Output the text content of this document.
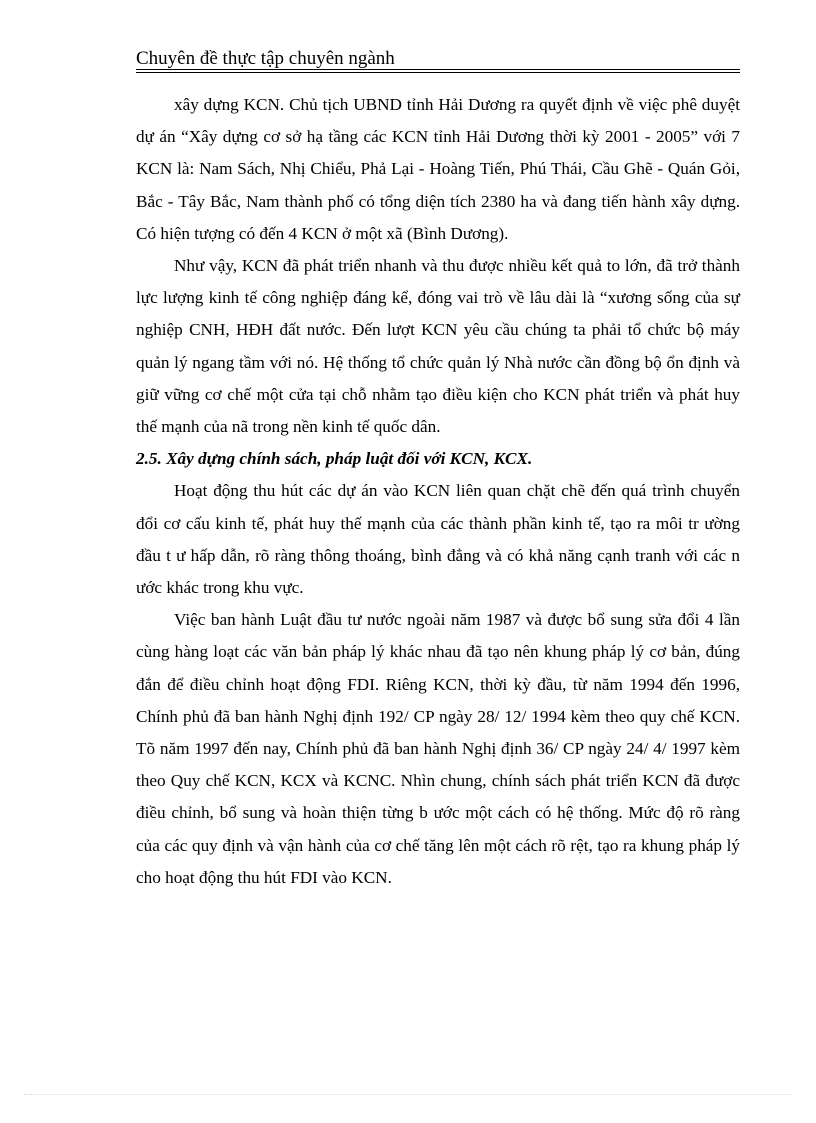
Chuyên đề thực tập chuyên ngành

xây dựng KCN. Chủ tịch UBND tỉnh Hải Dương ra quyết định về việc phê duyệt dự án “Xây dựng cơ sở hạ tầng các KCN tỉnh Hải Dương thời kỳ 2001 - 2005” với 7 KCN là: Nam Sách, Nhị Chiểu, Phả Lại - Hoàng Tiến, Phú Thái, Cầu Ghẽ - Quán Gỏi, Bắc - Tây Bắc, Nam thành phố có tổng diện tích 2380 ha và đang tiến hành xây dựng. Có hiện tượng có đến 4 KCN ở một xã (Bình Dương).

Như vậy, KCN đã phát triển nhanh và thu được nhiều kết quả to lớn, đã trở thành lực lượng kinh tế công nghiệp đáng kể, đóng vai trò về lâu dài là “xương sống của sự nghiệp CNH, HĐH đất nước. Đến lượt KCN yêu cầu chúng ta phải tổ chức bộ máy quản lý ngang tầm với nó. Hệ thống tổ chức quản lý Nhà nước cần đồng bộ ổn định và giữ vững cơ chế một cửa tại chỗ nhằm tạo điều kiện cho KCN phát triển và phát huy thế mạnh của nã trong nền kinh tế quốc dân.

2.5. Xây dựng chính sách, pháp luật đối với KCN, KCX.

Hoạt động thu hút các dự án vào KCN liên quan chặt chẽ đến quá trình chuyển đổi cơ cấu kinh tế, phát huy thế mạnh của các thành phần kinh tế, tạo ra môi tr ường đầu t ư hấp dẫn, rõ ràng thông thoáng, bình đẳng và có khả năng cạnh tranh với các n ước khác trong khu vực.

Việc ban hành Luật đầu tư nước ngoài năm 1987 và được bổ sung sửa đổi 4 lần cùng hàng loạt các văn bản pháp lý khác nhau đã tạo nên khung pháp lý cơ bản, đúng đắn để điều chỉnh hoạt động FDI. Riêng KCN, thời kỳ đầu, từ năm 1994 đến 1996, Chính phủ đã ban hành Nghị định 192/ CP ngày 28/ 12/ 1994 kèm theo quy chế KCN. Tõ năm 1997 đến nay, Chính phủ đã ban hành Nghị định 36/ CP ngày 24/ 4/ 1997 kèm theo Quy chế KCN, KCX và KCNC. Nhìn chung, chính sách phát triển KCN đã được điều chỉnh, bổ sung và hoàn thiện từng b ước một cách có hệ thống. Mức độ rõ ràng của các quy định và vận hành của cơ chế tăng lên một cách rõ rệt, tạo ra khung pháp lý cho hoạt động thu hút FDI vào KCN.
